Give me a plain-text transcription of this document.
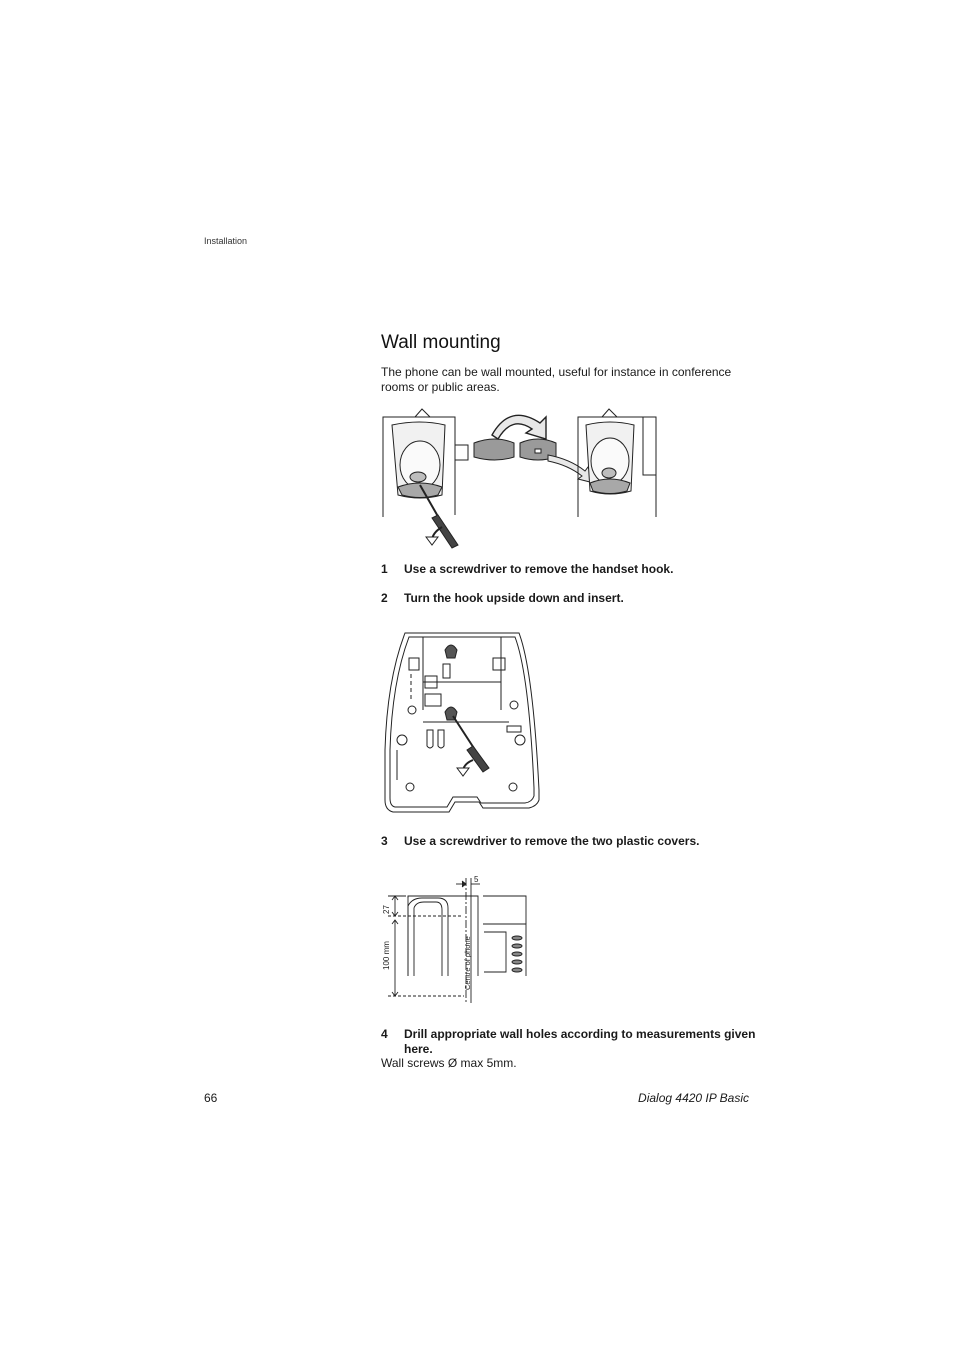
Installation
Wall mounting

The phone can be wall mounted, useful for instance in conference rooms or public areas.

1 Use a screwdriver to remove the handset hook.
2 Turn the hook upside down and insert.
3 Use a screwdriver to remove the two plastic covers.
5
27
100 mm	Centre of phone
4 Drill appropriate wall holes according to measurements given here.
Wall screws Ø max 5mm.
66	Dialog 4420 IP Basic
